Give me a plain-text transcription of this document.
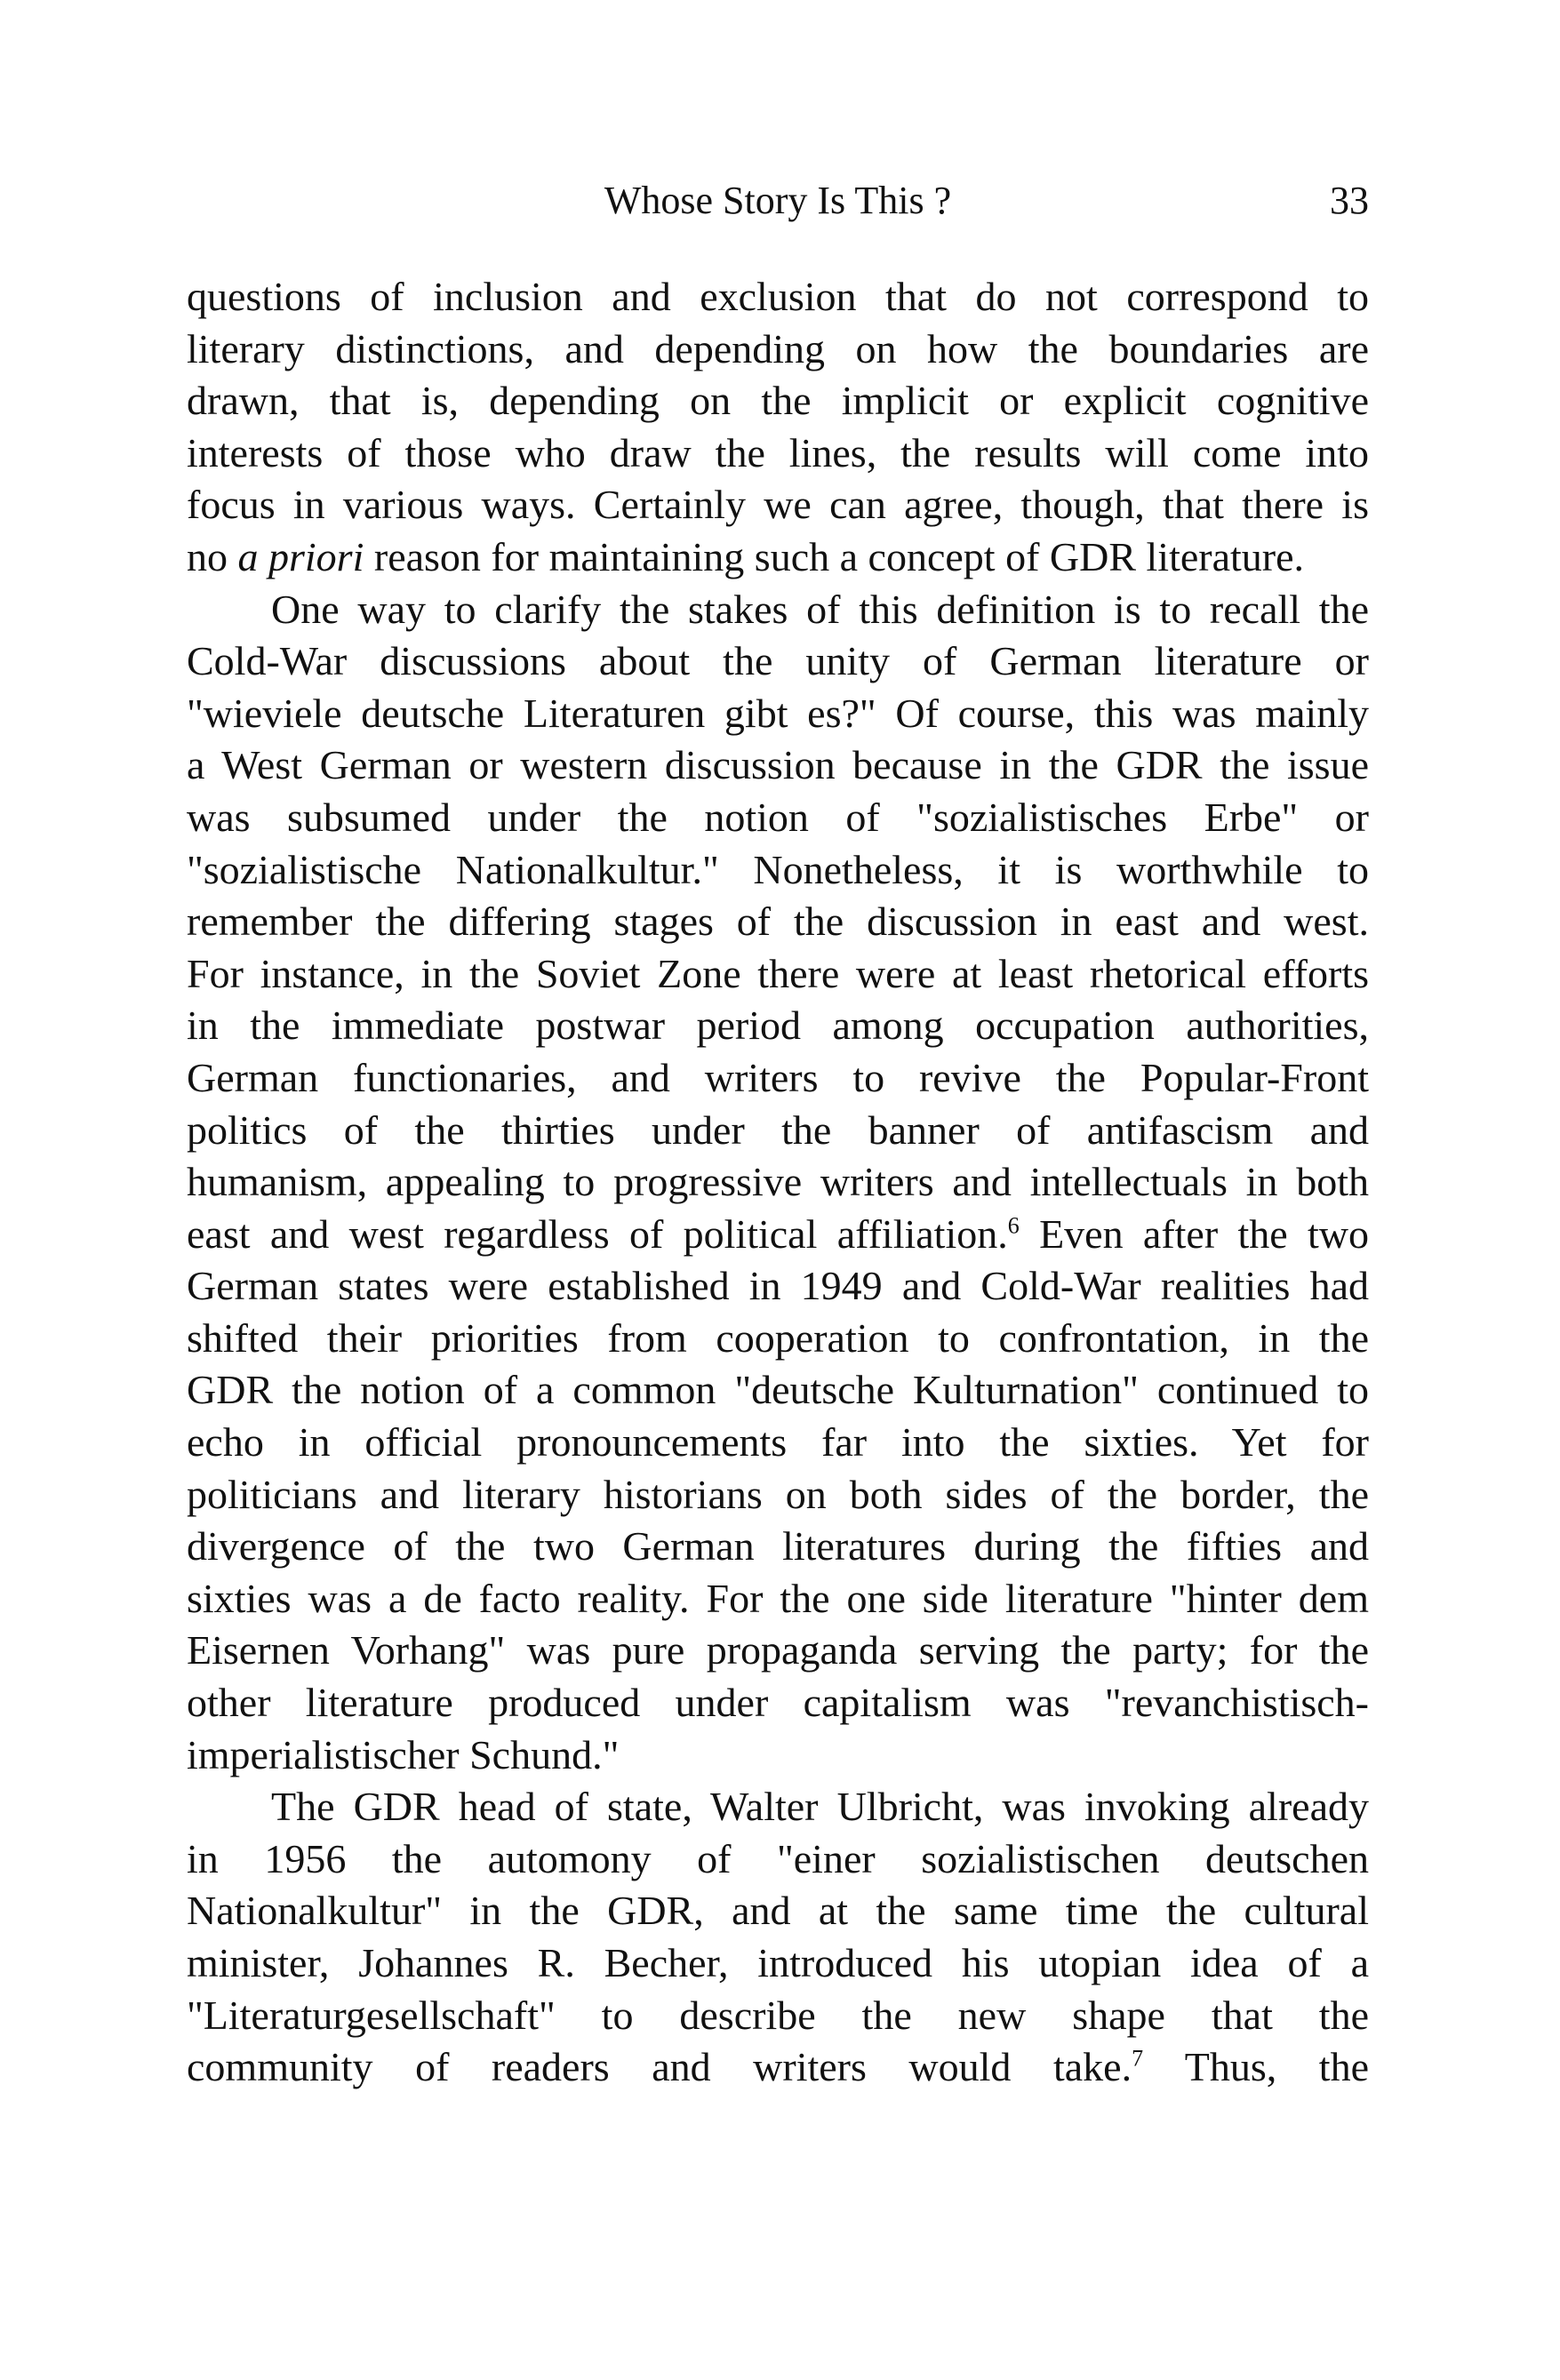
Whose Story Is This ?	33

questions of inclusion and exclusion that do not correspond to
literary distinctions, and depending on how the boundaries are
drawn, that is, depending on the implicit or explicit cognitive
interests of those who draw the lines, the results will come into
focus in various ways. Certainly we can agree, though, that there is
no a priori reason for maintaining such a concept of GDR literature.

One way to clarify the stakes of this definition is to recall the
Cold-War discussions about the unity of German literature or
"wieviele deutsche Literaturen gibt es?" Of course, this was mainly
a West German or western discussion because in the GDR the issue
was subsumed under the notion of "sozialistisches Erbe" or
"sozialistische Nationalkultur." Nonetheless, it is worthwhile to
remember the differing stages of the discussion in east and west.
For instance, in the Soviet Zone there were at least rhetorical efforts
in the immediate postwar period among occupation authorities,
German functionaries, and writers to revive the Popular-Front
politics of the thirties under the banner of antifascism and
humanism, appealing to progressive writers and intellectuals in both
east and west regardless of political affiliation.$^6$ Even after the two
German states were established in 1949 and Cold-War realities had
shifted their priorities from cooperation to confrontation, in the
GDR the notion of a common "deutsche Kulturnation" continued to
echo in official pronouncements far into the sixties. Yet for
politicians and literary historians on both sides of the border, the
divergence of the two German literatures during the fifties and
sixties was a de facto reality. For the one side literature "hinter dem
Eisernen Vorhang" was pure propaganda serving the party; for the
other literature produced under capitalism was "revanchistisch-
imperialistischer Schund."

The GDR head of state, Walter Ulbricht, was invoking already
in 1956 the automony of "einer sozialistischen deutschen
Nationalkultur" in the GDR, and at the same time the cultural
minister, Johannes R. Becher, introduced his utopian idea of a
"Literaturgesellschaft" to describe the new shape that the
community of readers and writers would take.$^7$ Thus, the
